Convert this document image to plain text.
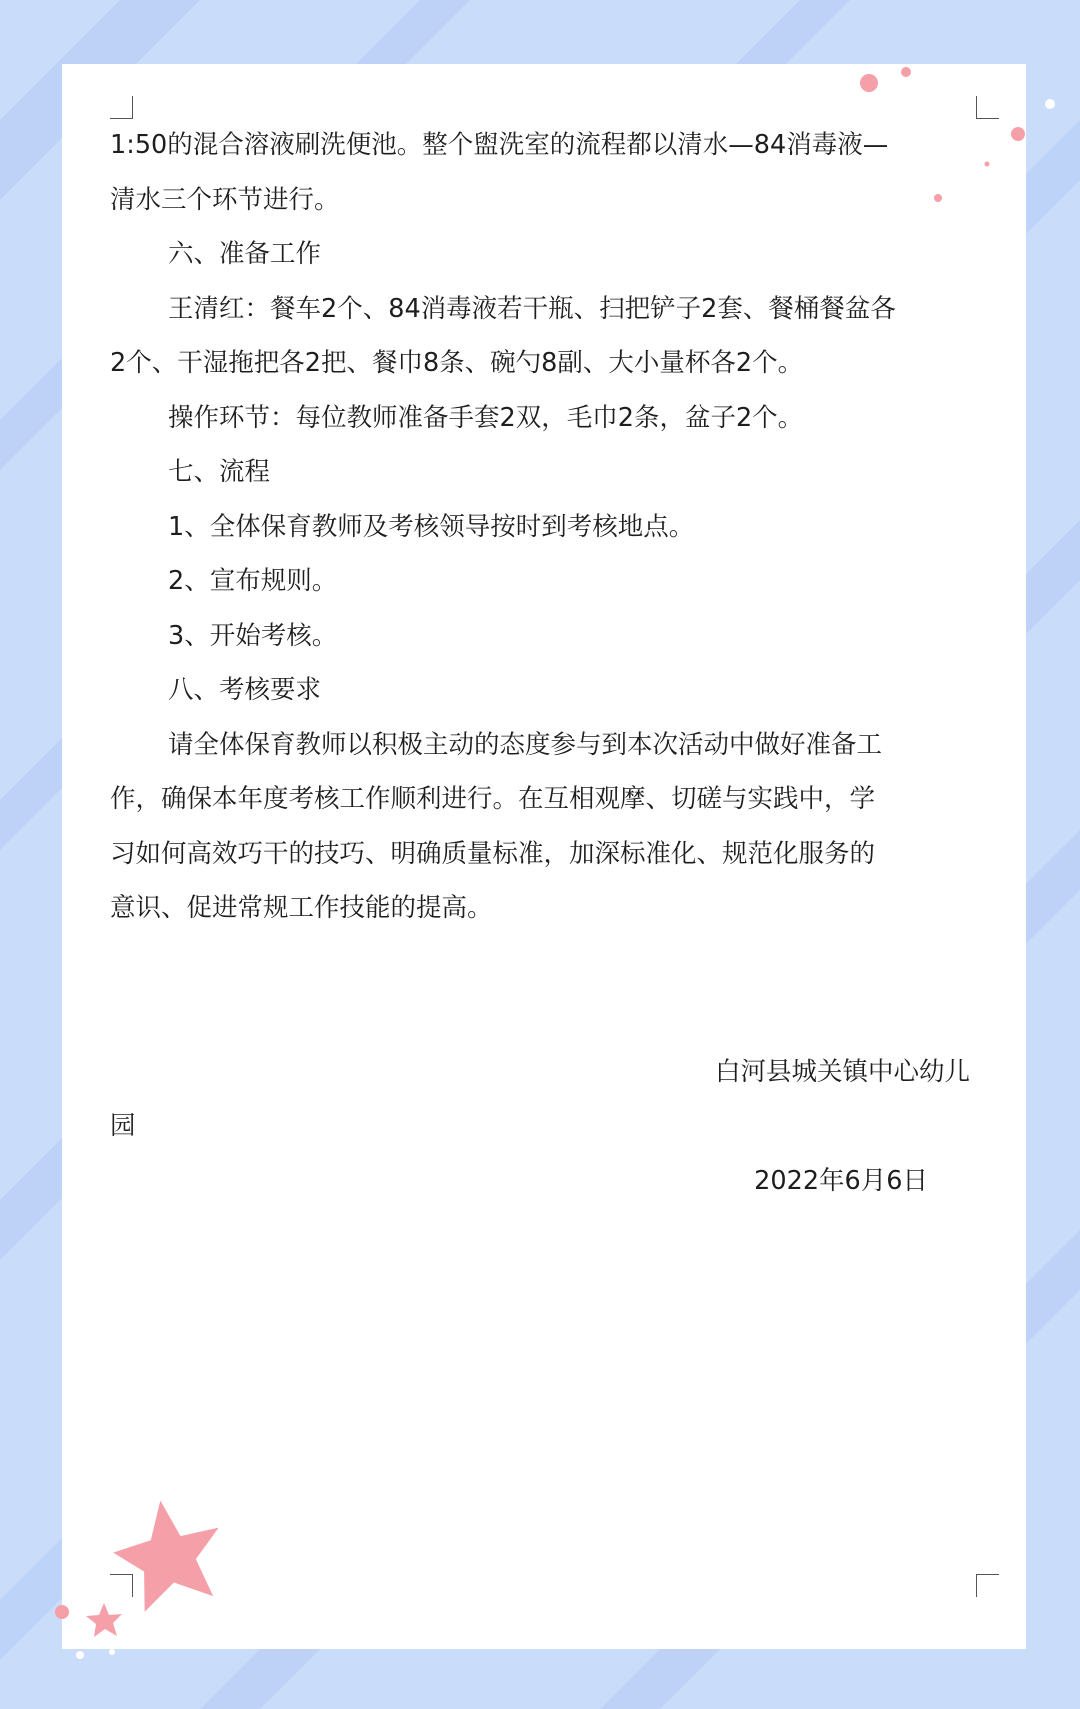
1:50的混合溶液刷洗便池。整个盥洗室的流程都以清水—84消毒液—
清水三个环节进行。
六、准备工作
王清红：餐车2个、84消毒液若干瓶、扫把铲子2套、餐桶餐盆各
2个、干湿拖把各2把、餐巾8条、碗勺8副、大小量杯各2个。
操作环节：每位教师准备手套2双，毛巾2条，盆子2个。
七、流程
1、全体保育教师及考核领导按时到考核地点。
2、宣布规则。
3、开始考核。
八、考核要求
请全体保育教师以积极主动的态度参与到本次活动中做好准备工
作，确保本年度考核工作顺利进行。在互相观摩、切磋与实践中，学
习如何高效巧干的技巧、明确质量标准，加深标准化、规范化服务的
意识、促进常规工作技能的提高。
白河县城关镇中心幼儿
园
2022年6月6日
